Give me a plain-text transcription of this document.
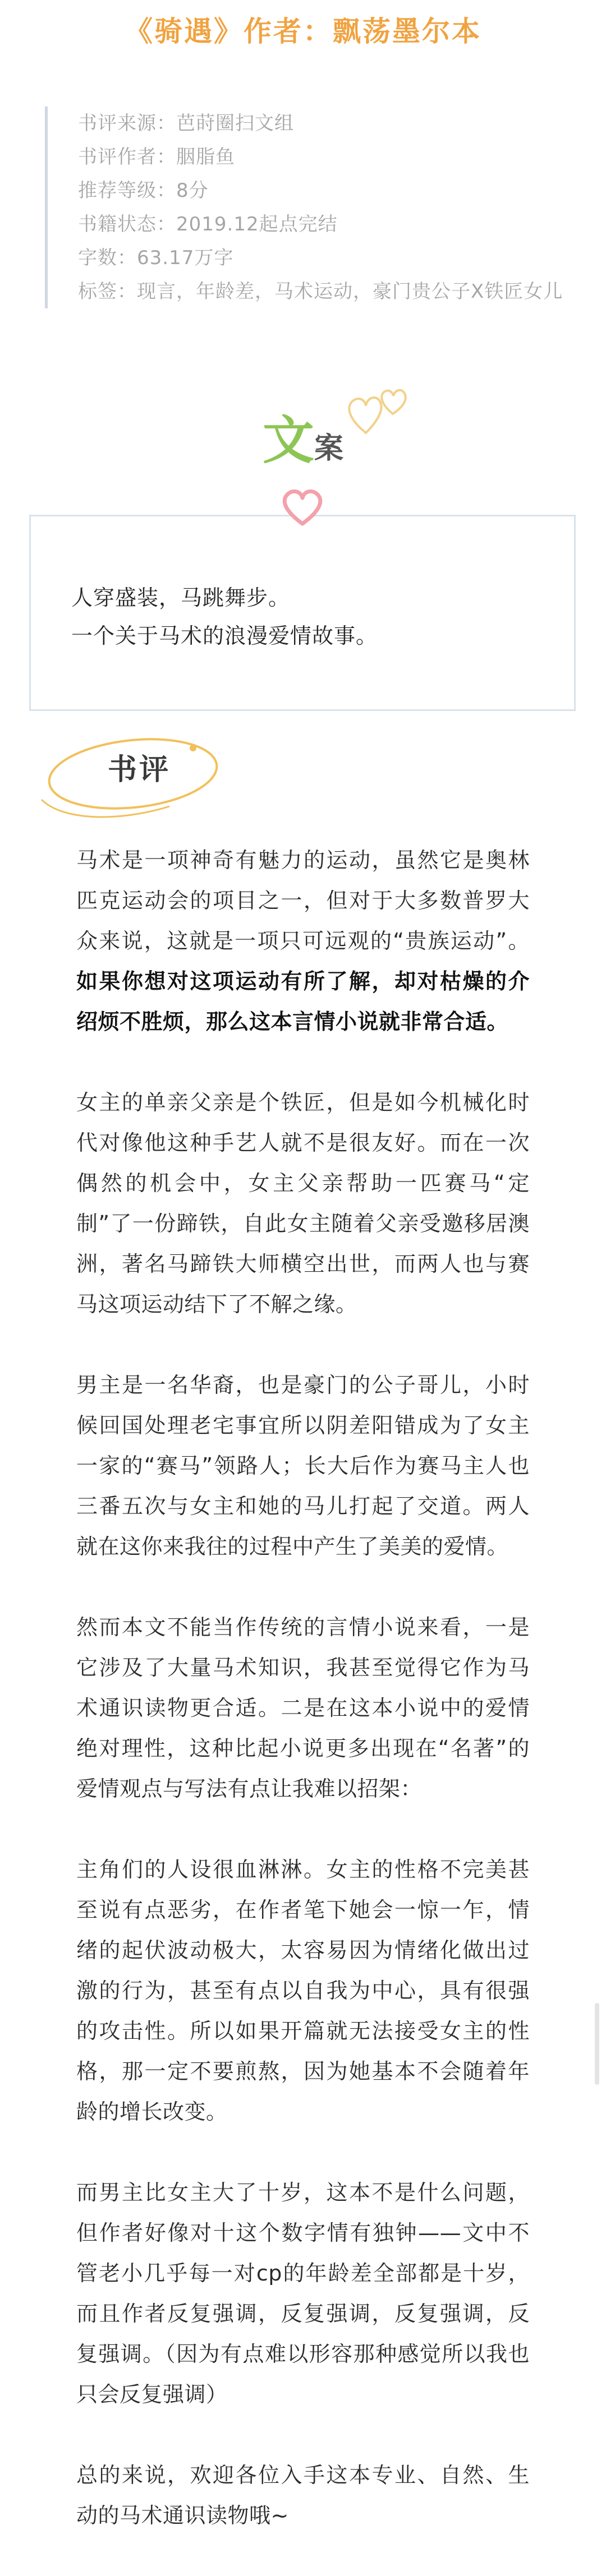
《骑遇》作者：飘荡墨尔本
书评来源：芭莳圈扫文组
书评作者：胭脂鱼
推荐等级：8分
书籍状态：2019.12起点完结
字数：63.17万字
标签：现言，年龄差，马术运动，豪门贵公子X铁匠女儿
文案
人穿盛装，马跳舞步。
一个关于马术的浪漫爱情故事。
书评

马术是一项神奇有魅力的运动，虽然它是奥林匹克运动会的项目之一，但对于大多数普罗大众来说，这就是一项只可远观的“贵族运动”。如果你想对这项运动有所了解，却对枯燥的介绍烦不胜烦，那么这本言情小说就非常合适。

女主的单亲父亲是个铁匠，但是如今机械化时代对像他这种手艺人就不是很友好。而在一次偶然的机会中，女主父亲帮助一匹赛马“定制”了一份蹄铁，自此女主随着父亲受邀移居澳洲，著名马蹄铁大师横空出世，而两人也与赛马这项运动结下了不解之缘。

男主是一名华裔，也是豪门的公子哥儿，小时候回国处理老宅事宜所以阴差阳错成为了女主一家的“赛马”领路人；长大后作为赛马主人也三番五次与女主和她的马儿打起了交道。两人就在这你来我往的过程中产生了美美的爱情。

然而本文不能当作传统的言情小说来看，一是它涉及了大量马术知识，我甚至觉得它作为马术通识读物更合适。二是在这本小说中的爱情绝对理性，这种比起小说更多出现在“名著”的爱情观点与写法有点让我难以招架：

主角们的人设很血淋淋。女主的性格不完美甚至说有点恶劣，在作者笔下她会一惊一乍，情绪的起伏波动极大，太容易因为情绪化做出过激的行为，甚至有点以自我为中心，具有很强的攻击性。所以如果开篇就无法接受女主的性格，那一定不要煎熬，因为她基本不会随着年龄的增长改变。

而男主比女主大了十岁，这本不是什么问题，但作者好像对十这个数字情有独钟——文中不管老小几乎每一对cp的年龄差全部都是十岁，而且作者反复强调，反复强调，反复强调，反复强调。（因为有点难以形容那种感觉所以我也只会反复强调）

总的来说，欢迎各位入手这本专业、自然、生动的马术通识读物哦~
